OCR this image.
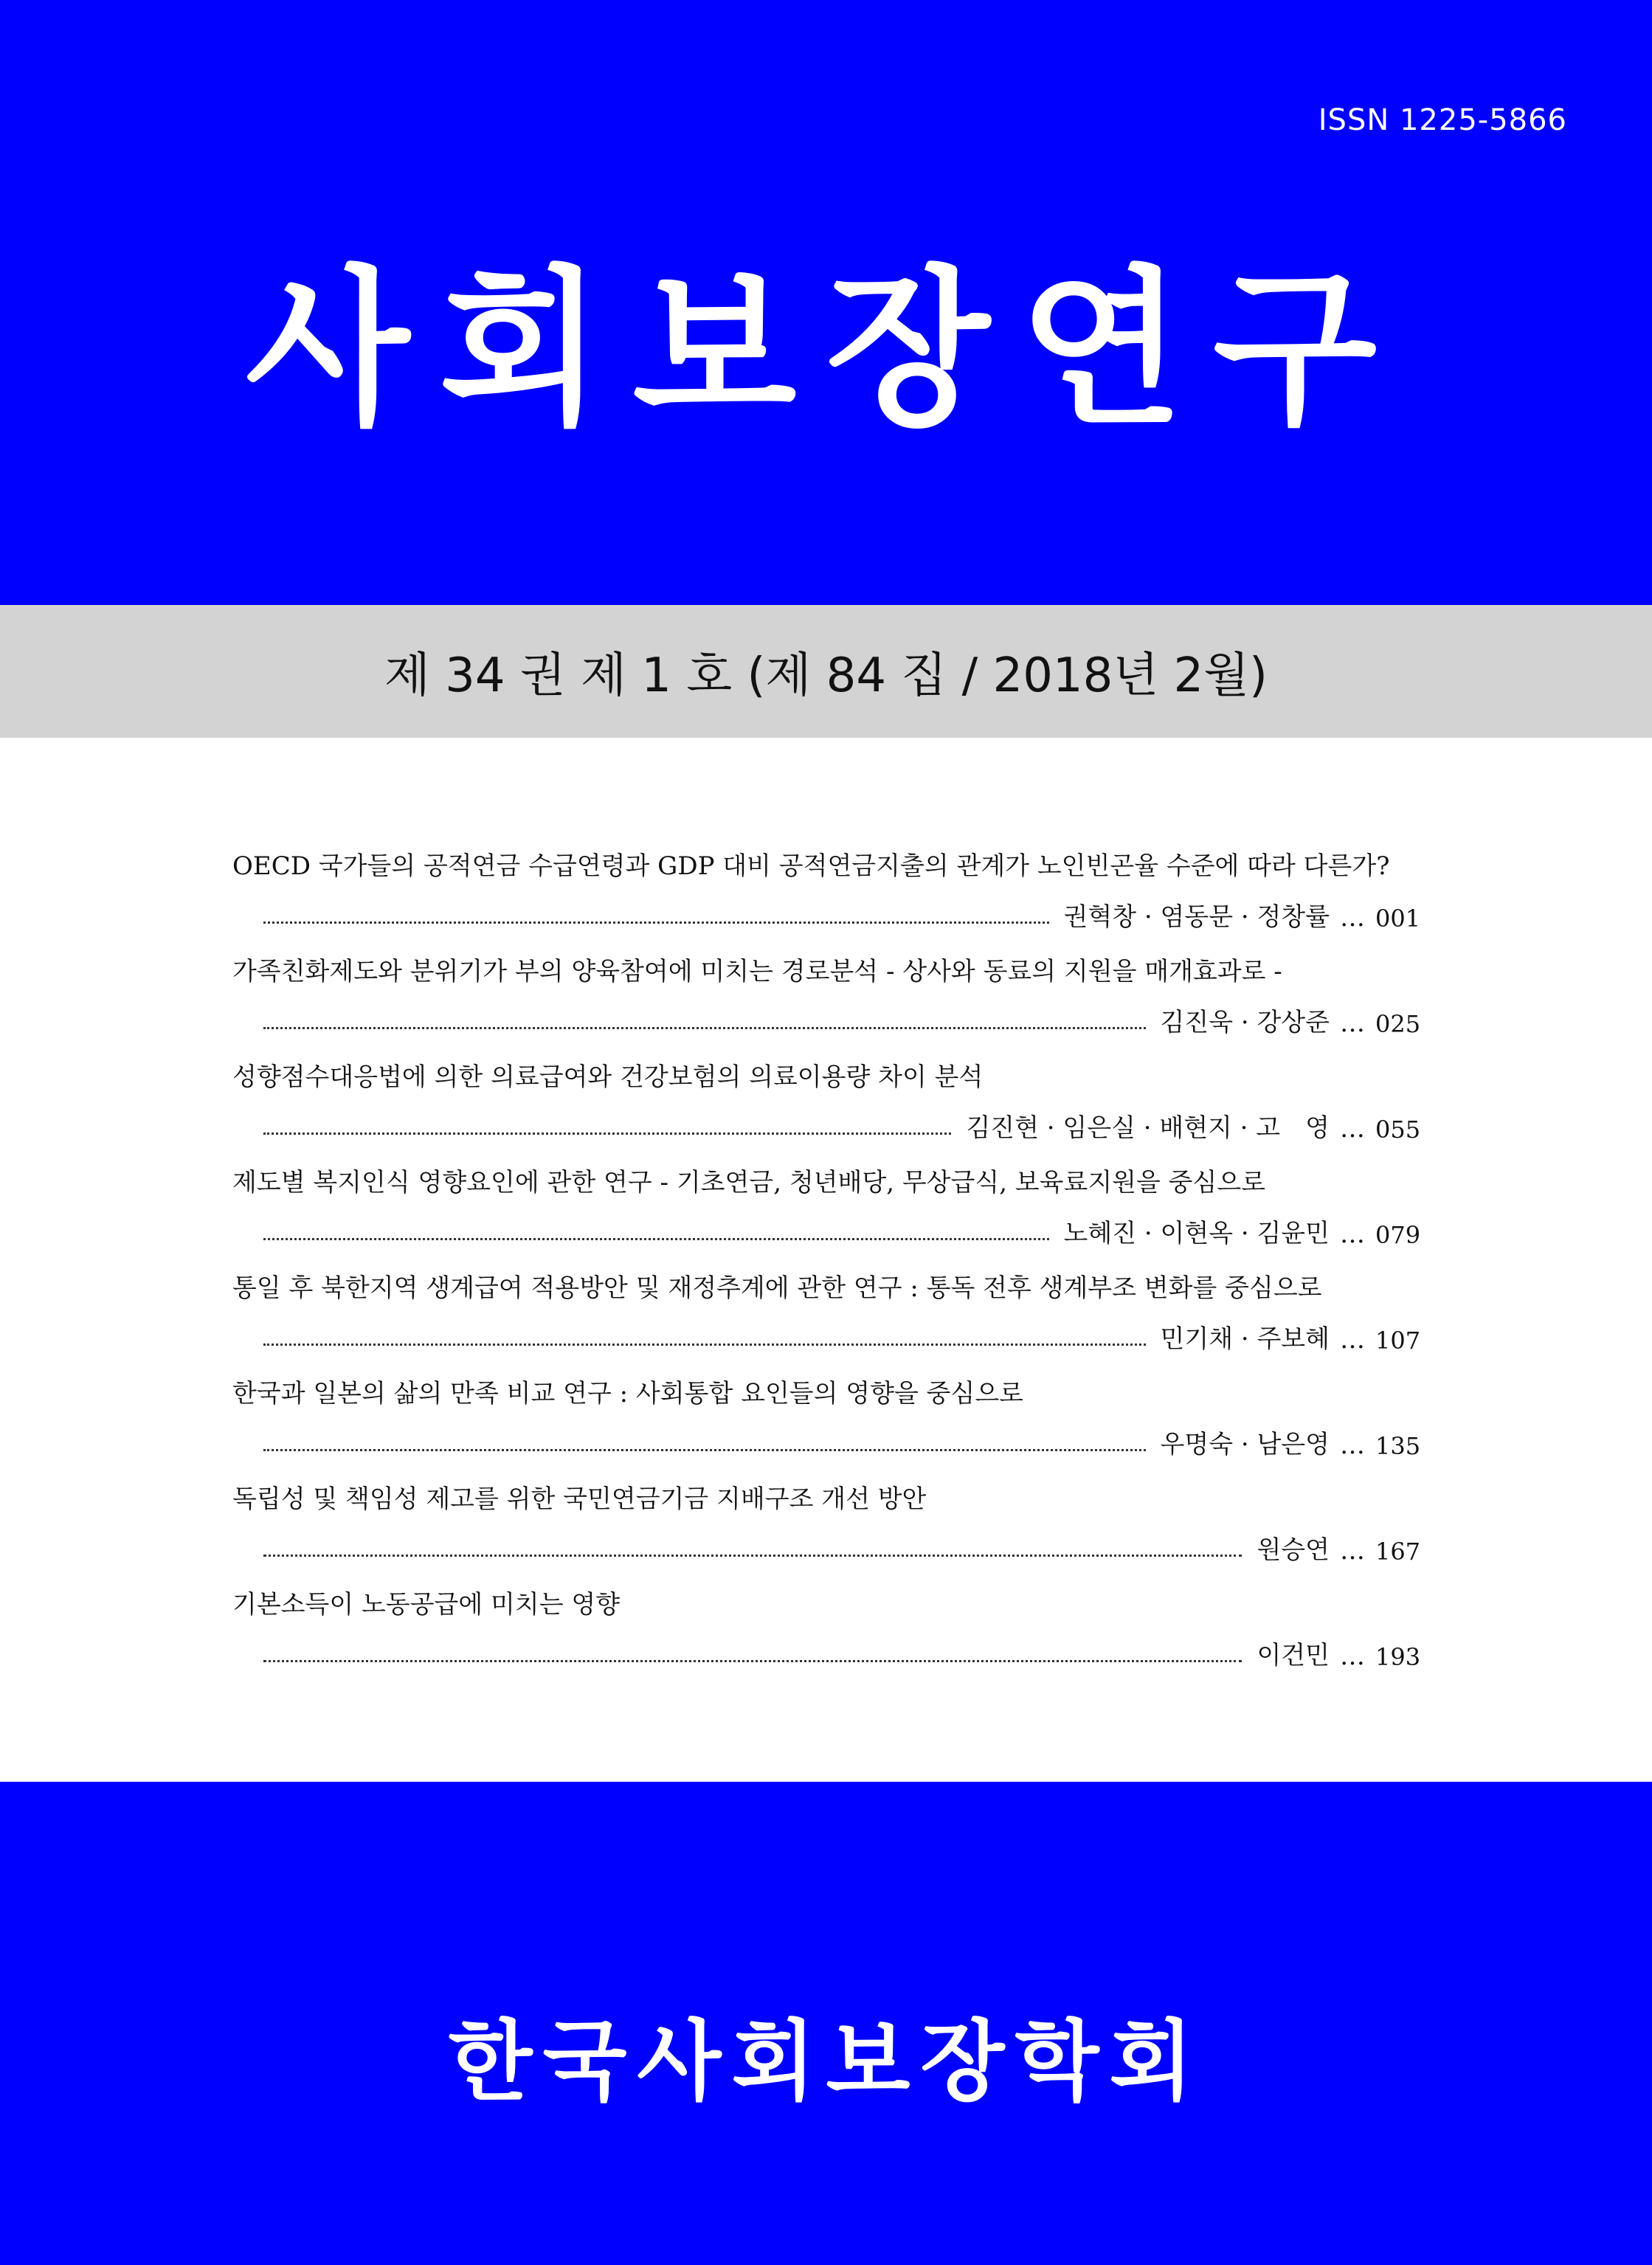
ISSN 1225-5866
사회보장연구
제 34 권 제 1 호 (제 84 집 / 2018년 2월)
OECD 국가들의 공적연금 수급연령과 GDP 대비 공적연금지출의 관계가 노인빈곤율 수준에 따라 다른가?
권혁창 · 염동문 · 정창률 … 001
가족친화제도와 분위기가 부의 양육참여에 미치는 경로분석 - 상사와 동료의 지원을 매개효과로 -
김진욱 · 강상준 … 025
성향점수대응법에 의한 의료급여와 건강보험의 의료이용량 차이 분석
김진현 · 임은실 · 배현지 · 고　영 … 055
제도별 복지인식 영향요인에 관한 연구 - 기초연금, 청년배당, 무상급식, 보육료지원을 중심으로
노혜진 · 이현옥 · 김윤민 … 079
통일 후 북한지역 생계급여 적용방안 및 재정추계에 관한 연구 : 통독 전후 생계부조 변화를 중심으로
민기채 · 주보혜 … 107
한국과 일본의 삶의 만족 비교 연구 : 사회통합 요인들의 영향을 중심으로
우명숙 · 남은영 … 135
독립성 및 책임성 제고를 위한 국민연금기금 지배구조 개선 방안
원승연 … 167
기본소득이 노동공급에 미치는 영향
이건민 … 193
한국사회보장학회
